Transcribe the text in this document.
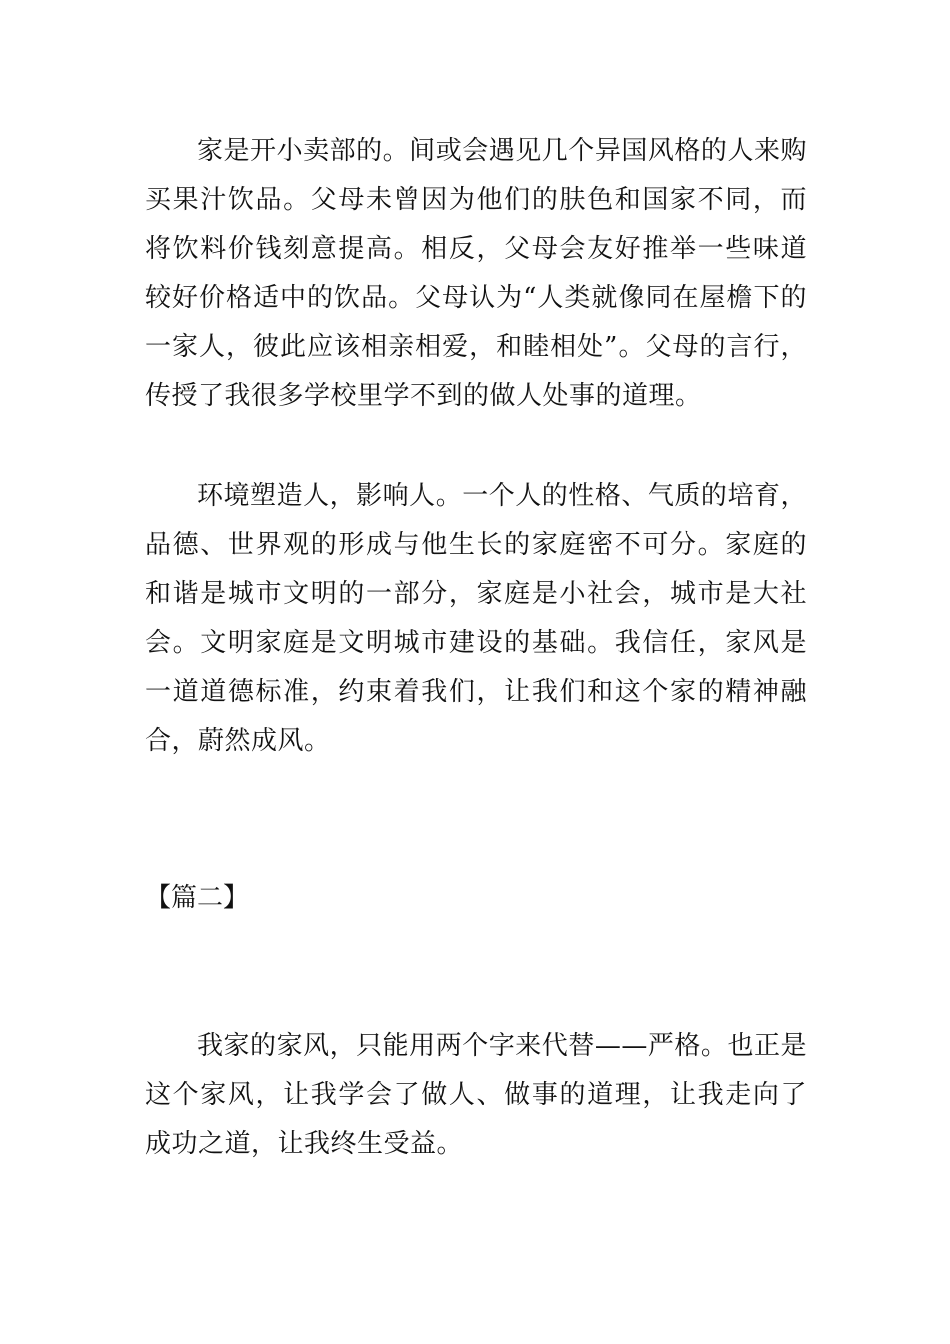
家是开小卖部的。间或会遇见几个异国风格的人来购买果汁饮品。父母未曾因为他们的肤色和国家不同，而将饮料价钱刻意提高。相反，父母会友好推举一些味道较好价格适中的饮品。父母认为“人类就像同在屋檐下的一家人，彼此应该相亲相爱，和睦相处”。父母的言行，传授了我很多学校里学不到的做人处事的道理。

环境塑造人，影响人。一个人的性格、气质的培育，品德、世界观的形成与他生长的家庭密不可分。家庭的和谐是城市文明的一部分，家庭是小社会，城市是大社会。文明家庭是文明城市建设的基础。我信任，家风是一道道德标准，约束着我们，让我们和这个家的精神融合，蔚然成风。

【篇二】

我家的家风，只能用两个字来代替——严格。也正是这个家风，让我学会了做人、做事的道理，让我走向了成功之道，让我终生受益。
